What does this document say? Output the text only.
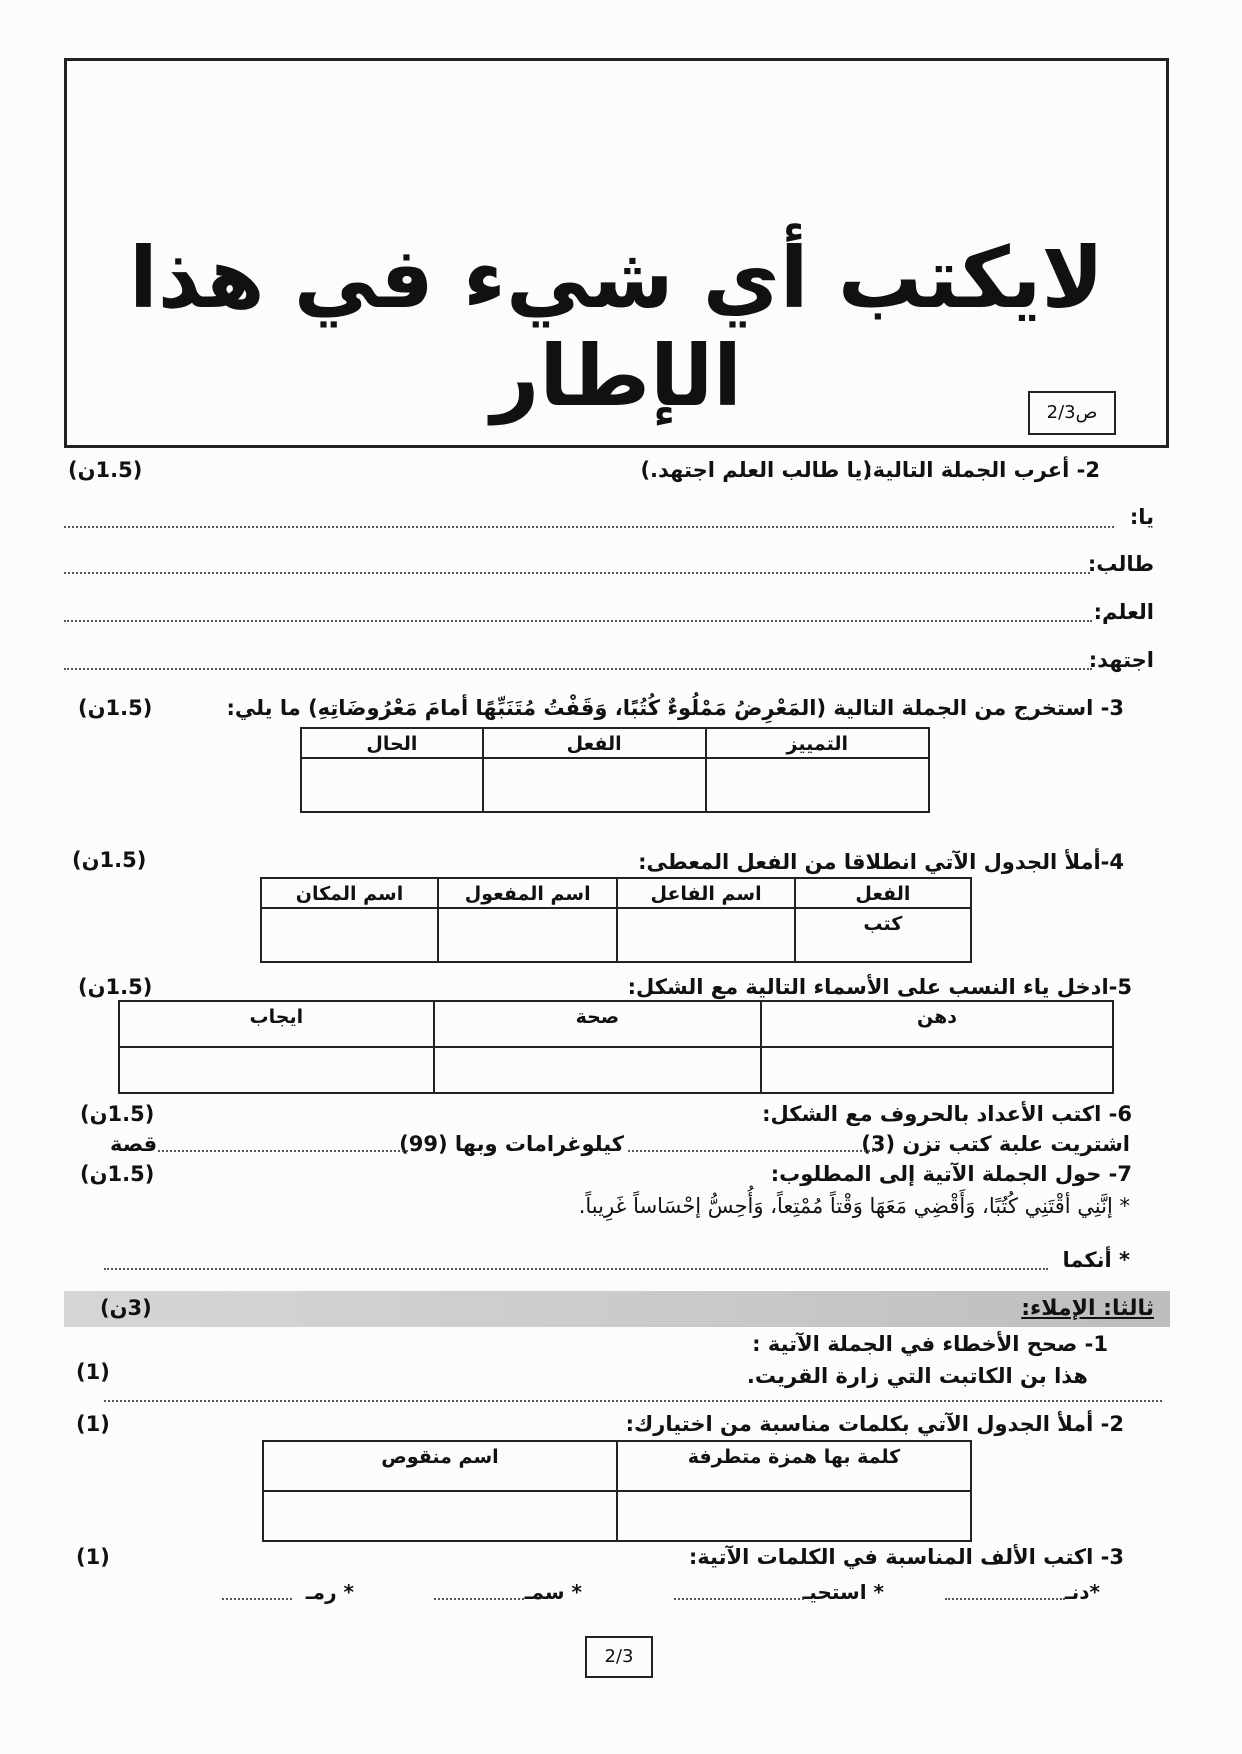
لايكتب أي شيء في هذا الإطار	ص2/3
2- أعرب الجملة التالية:
(يا طالب العلم اجتهد.)
(1.5ن)
يا:
طالب:
العلم:
اجتهد:
3- استخرج من الجملة التالية (المَعْرِضُ مَمْلُوءٌ كُتُبًا، وَقَفْتُ مُتَنَبِّهًا أمامَ مَعْرُوضَاتِهِ) ما يلي:
(1.5ن)
التمييز	الفعل	الحال

4-أملأ الجدول الآتي انطلاقا من الفعل المعطى:
(1.5ن)
الفعل	اسم الفاعل	اسم المفعول	اسم المكان
كتب			
5-ادخل ياء النسب على الأسماء التالية مع الشكل:
(1.5ن)
دهن	صحة	ايجاب

6- اكتب الأعداد بالحروف مع الشكل:
(1.5ن)
اشتريت علبة كتب تزن (3)
كيلوغرامات وبها (99)
قصة
7- حول الجملة الآتية إلى المطلوب:
(1.5ن)
* إنَّنِي أقْتَنِي كُتُبًا، وَأَقْضِي مَعَهَا وَقْتاً مُمْتِعاً، وَأُحِسُّ إحْسَاساً غَرِيباً.
* أنكما
ثالثا: الإملاء:
(3ن)
1- صحح الأخطاء في الجملة الآتية :
(1)	هذا بن الكاتبت التي زارة القريت.
2- أملأ الجدول الآتي بكلمات مناسبة من اختيارك:
(1)
كلمة بها همزة متطرفة	اسم منقوص

3- اكتب الألف المناسبة في الكلمات الآتية:
(1)
*دنـ
* استحيـ
* سمـ
* رمـ
2/3
